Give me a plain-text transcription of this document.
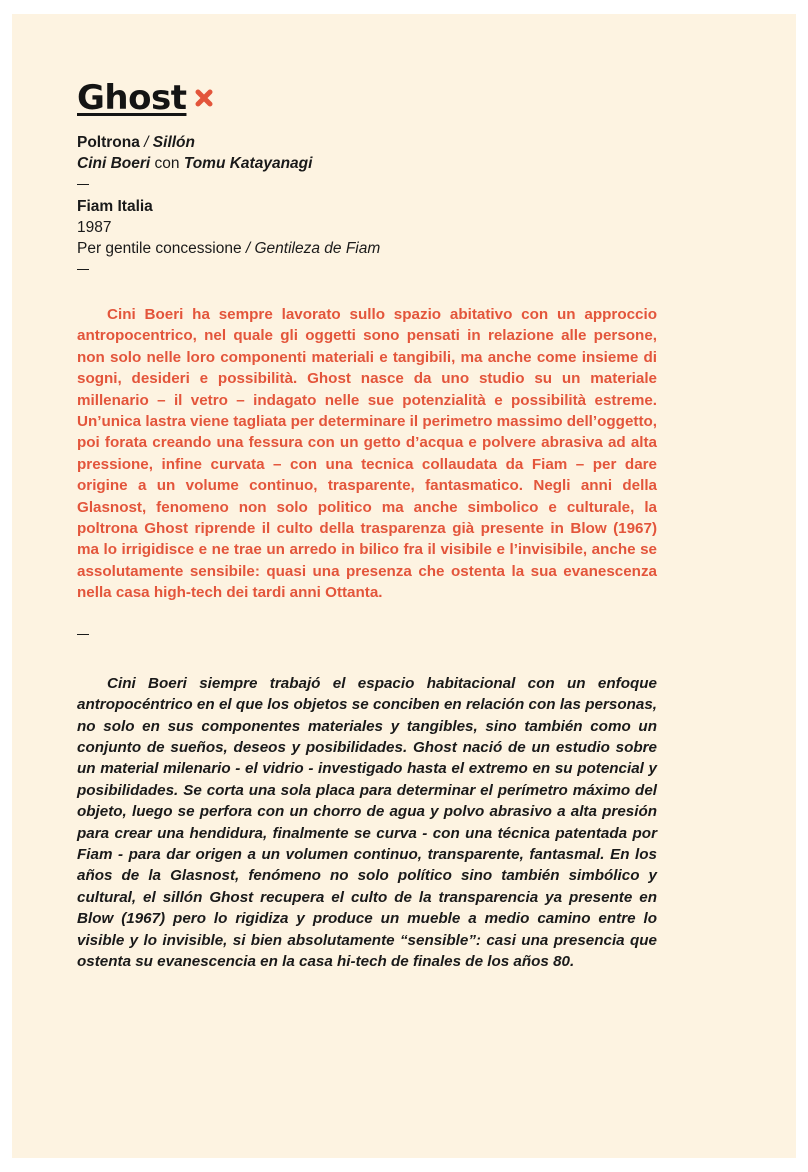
Ghost
Poltrona / Sillón
Cini Boeri con Tomu Katayanagi
Fiam Italia
1987
Per gentile concessione / Gentileza de Fiam

Cini Boeri ha sempre lavorato sullo spazio abitativo con un approccio antropocentrico, nel quale gli oggetti sono pensati in relazione alle persone, non solo nelle loro componenti materiali e tangibili, ma anche come insieme di sogni, desideri e possibilità. Ghost nasce da uno studio su un materiale millenario – il vetro – indagato nelle sue potenzialità e possibilità estreme. Un’unica lastra viene tagliata per determinare il perimetro massimo dell’oggetto, poi forata creando una fessura con un getto d’acqua e polvere abrasiva ad alta pressione, infine curvata – con una tecnica collaudata da Fiam – per dare origine a un volume continuo, trasparente, fantasmatico. Negli anni della Glasnost, fenomeno non solo politico ma anche simbolico e culturale, la poltrona Ghost riprende il culto della trasparenza già presente in Blow (1967) ma lo irrigidisce e ne trae un arredo in bilico fra il visibile e l’invisibile, anche se assolutamente sensibile: quasi una presenza che ostenta la sua evanescenza nella casa high-tech dei tardi anni Ottanta.

Cini Boeri siempre trabajó el espacio habitacional con un enfoque antropocéntrico en el que los objetos se conciben en relación con las personas, no solo en sus componentes materiales y tangibles, sino también como un conjunto de sueños, deseos y posibilidades. Ghost nació de un estudio sobre un material milenario - el vidrio - investigado hasta el extremo en su potencial y posibilidades. Se corta una sola placa para determinar el perímetro máximo del objeto, luego se perfora con un chorro de agua y polvo abrasivo a alta presión para crear una hendidura, finalmente se curva - con una técnica patentada por Fiam - para dar origen a un volumen continuo, transparente, fantasmal. En los años de la Glasnost, fenómeno no solo político sino también simbólico y cultural, el sillón Ghost recupera el culto de la transparencia ya presente en Blow (1967) pero lo rigidiza y produce un mueble a medio camino entre lo visible y lo invisible, si bien absolutamente “sensible”: casi una presencia que ostenta su evanescencia en la casa hi-tech de finales de los años 80.
